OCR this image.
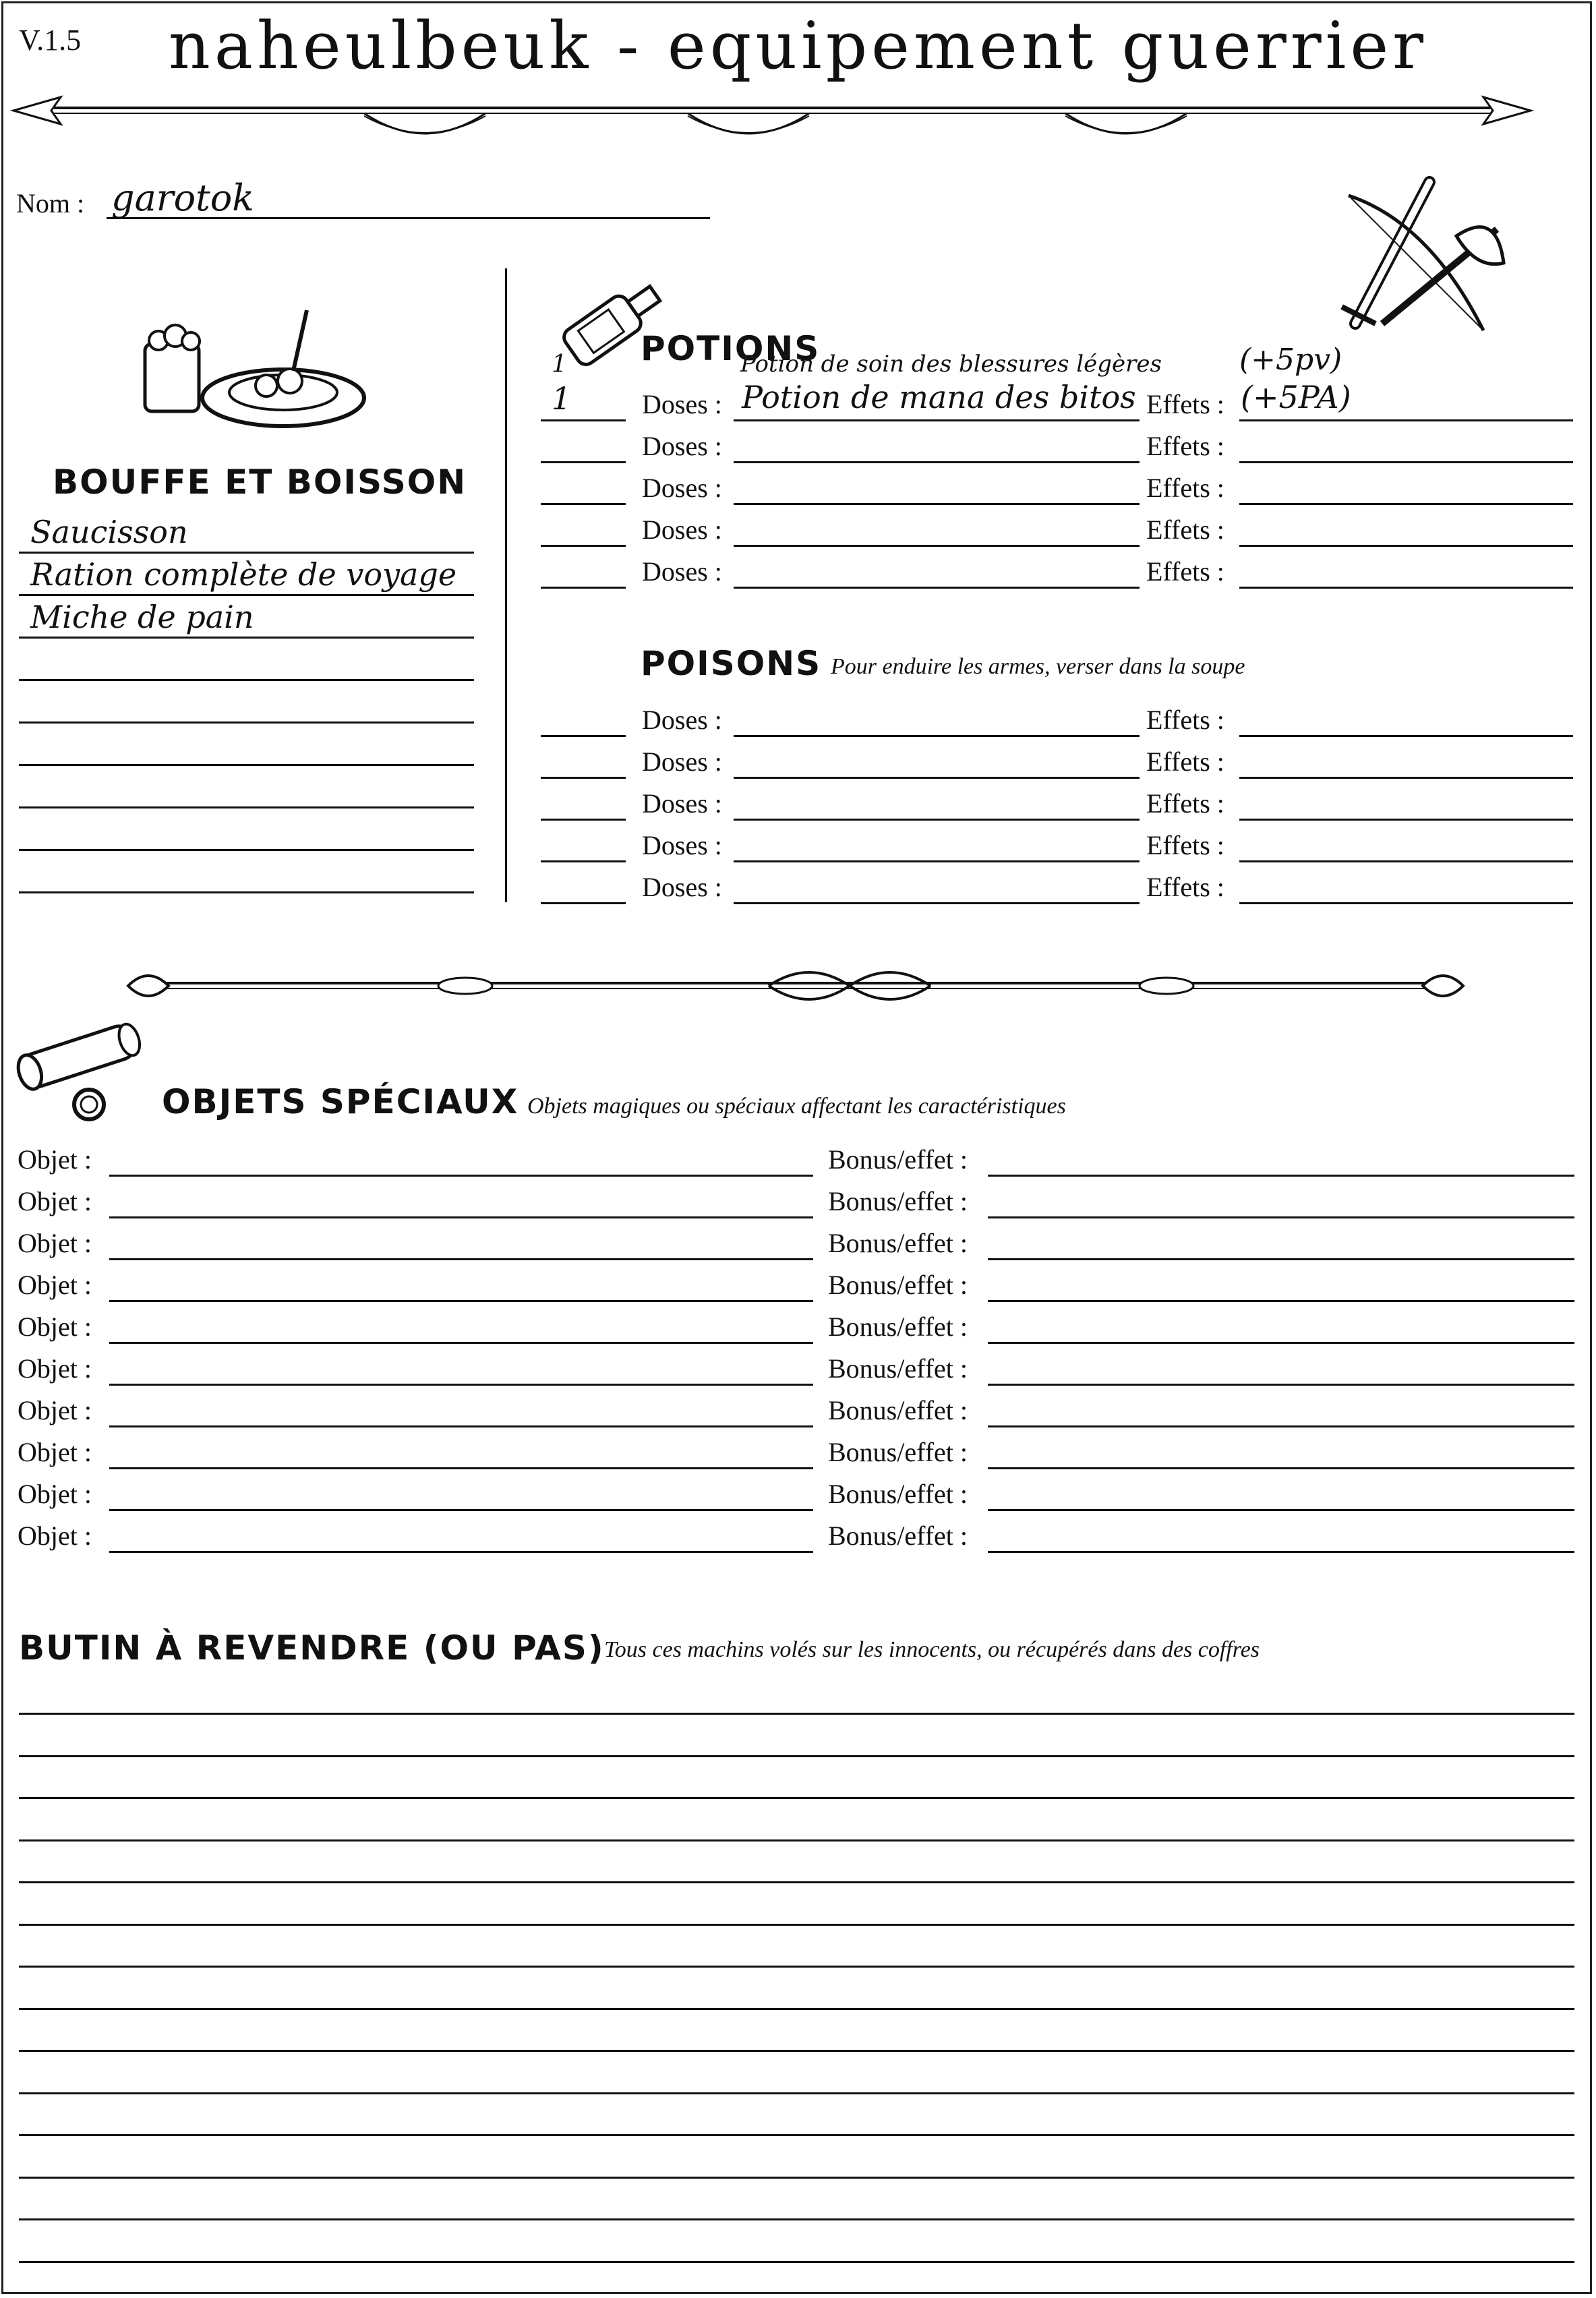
V.1.5	naheulbeuk - equipement guerrier
Nom : garotok
BOUFFE ET BOISSON
Saucisson
Ration complète de voyage
Miche de pain
POTIONS
1	Potion de soin des blessures légères	(+5pv)
Doses :	Effets :
1	Potion de mana des bitos	(+5PA)
Doses :	Effets :
Doses :	Effets :
Doses :	Effets :
Doses :	Effets :
POISONS Pour enduire les armes, verser dans la soupe
Doses :	Effets :
Doses :	Effets :
Doses :	Effets :
Doses :	Effets :
Doses :	Effets :
OBJETS SPÉCIAUX Objets magiques ou spéciaux affectant les caractéristiques
Objet :	Bonus/effet :
Objet :	Bonus/effet :
Objet :	Bonus/effet :
Objet :	Bonus/effet :
Objet :	Bonus/effet :
Objet :	Bonus/effet :
Objet :	Bonus/effet :
Objet :	Bonus/effet :
Objet :	Bonus/effet :
Objet :	Bonus/effet :
BUTIN À REVENDRE (OU PAS) Tous ces machins volés sur les innocents, ou récupérés dans des coffres
